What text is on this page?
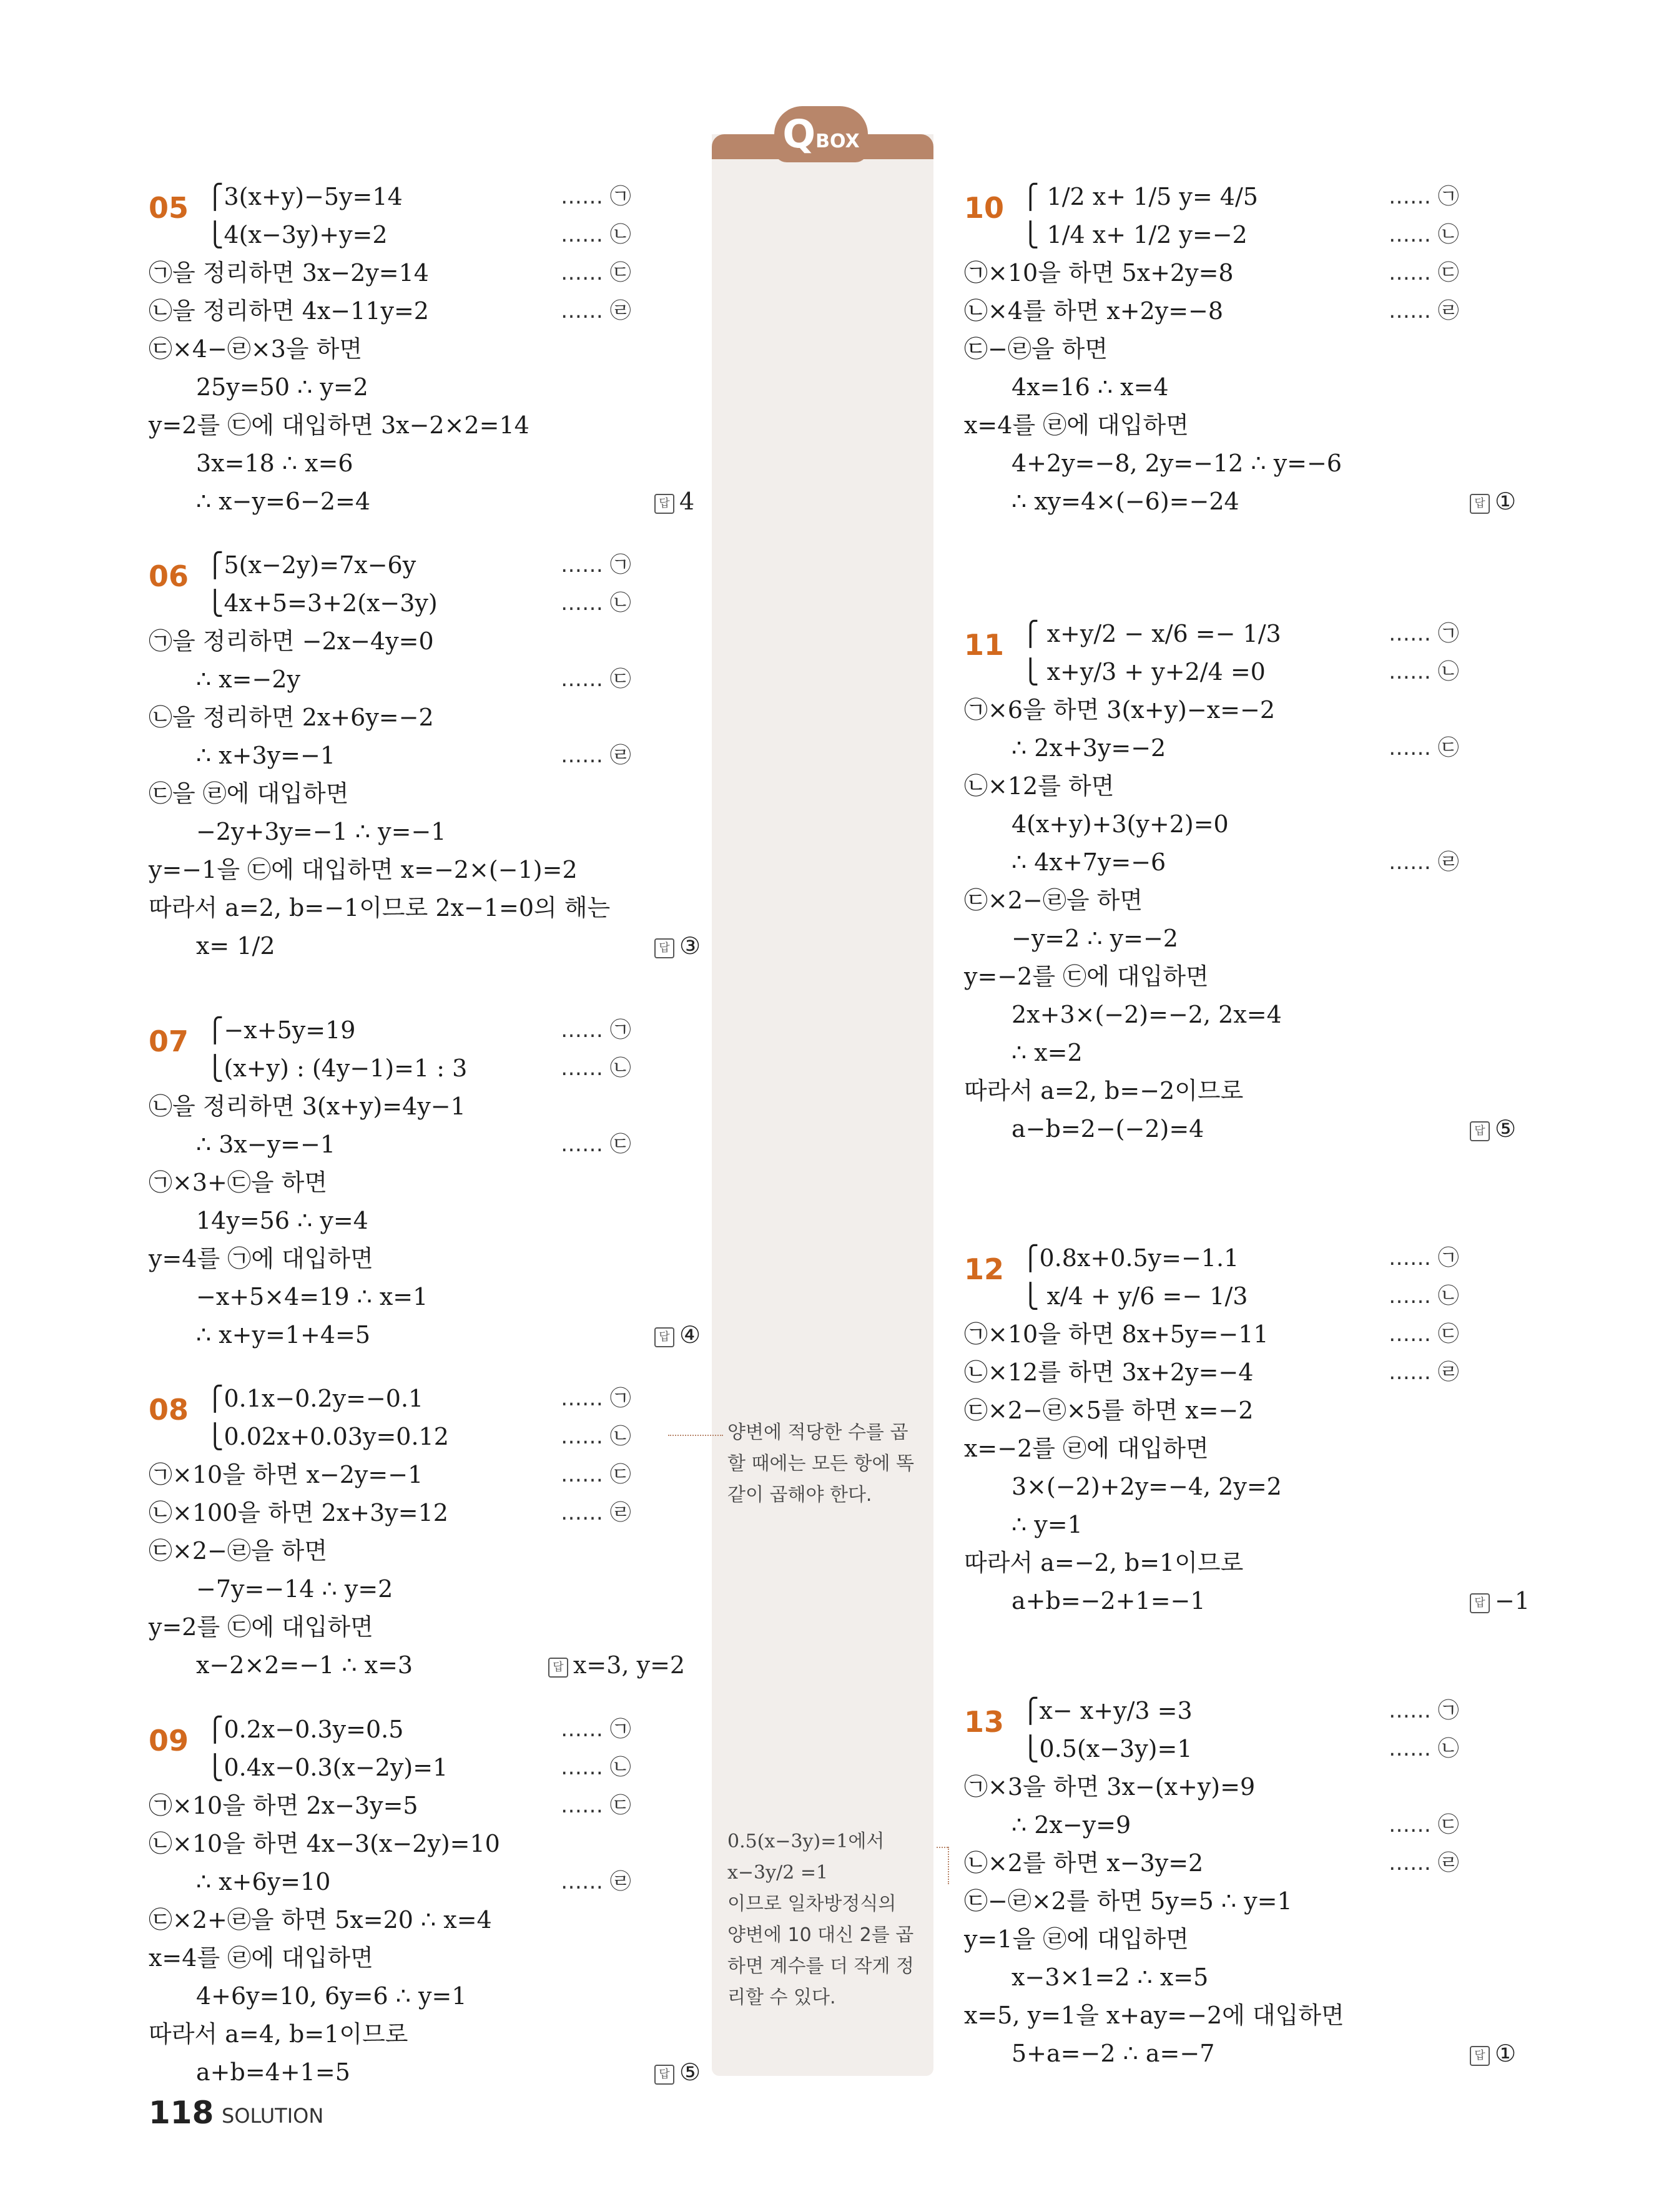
QBOX
양변에 적당한 수를 곱
할 때에는 모든 항에 똑
같이 곱해야 한다.
0.5(x−3y)=1에서
x−3y/2 =1
이므로 일차방정식의
양변에 10 대신 2를 곱
하면 계수를 더 작게 정
리할 수 있다.
05 ⎧3(x+y)−5y=14	…… ㉠
⎩4(x−3y)+y=2	…… ㉡
㉠을 정리하면 3x−2y=14	…… ㉢
㉡을 정리하면 4x−11y=2	…… ㉣
㉢×4−㉣×3을 하면
25y=50 ∴ y=2
y=2를 ㉢에 대입하면 3x−2×2=14
3x=18 ∴ x=6
∴ x−y=6−2=4	답 4
06 ⎧5(x−2y)=7x−6y	…… ㉠
⎩4x+5=3+2(x−3y)	…… ㉡
㉠을 정리하면 −2x−4y=0
∴ x=−2y	…… ㉢
㉡을 정리하면 2x+6y=−2
∴ x+3y=−1	…… ㉣
㉢을 ㉣에 대입하면
−2y+3y=−1 ∴ y=−1
y=−1을 ㉢에 대입하면 x=−2×(−1)=2
따라서 a=2, b=−1이므로 2x−1=0의 해는
x= 1/2	답 ③
07 ⎧−x+5y=19	…… ㉠
⎩(x+y) : (4y−1)=1 : 3	…… ㉡
㉡을 정리하면 3(x+y)=4y−1
∴ 3x−y=−1	…… ㉢
㉠×3+㉢을 하면
14y=56 ∴ y=4
y=4를 ㉠에 대입하면
−x+5×4=19 ∴ x=1
∴ x+y=1+4=5	답 ④
08 ⎧0.1x−0.2y=−0.1	…… ㉠
⎩0.02x+0.03y=0.12	…… ㉡
㉠×10을 하면 x−2y=−1	…… ㉢
㉡×100을 하면 2x+3y=12	…… ㉣
㉢×2−㉣을 하면
−7y=−14 ∴ y=2
y=2를 ㉢에 대입하면
x−2×2=−1 ∴ x=3	답 x=3, y=2
09 ⎧0.2x−0.3y=0.5	…… ㉠
⎩0.4x−0.3(x−2y)=1	…… ㉡
㉠×10을 하면 2x−3y=5	…… ㉢
㉡×10을 하면 4x−3(x−2y)=10
∴ x+6y=10	…… ㉣
㉢×2+㉣을 하면 5x=20 ∴ x=4
x=4를 ㉣에 대입하면
4+6y=10, 6y=6 ∴ y=1
따라서 a=4, b=1이므로
a+b=4+1=5	답 ⑤
10 ⎧ 1/2 x+ 1/5 y= 4/5	…… ㉠
⎩ 1/4 x+ 1/2 y=−2	…… ㉡
㉠×10을 하면 5x+2y=8	…… ㉢
㉡×4를 하면 x+2y=−8	…… ㉣
㉢−㉣을 하면
4x=16 ∴ x=4
x=4를 ㉣에 대입하면
4+2y=−8, 2y=−12 ∴ y=−6
∴ xy=4×(−6)=−24	답 ①
11 ⎧ x+y/2 − x/6 =− 1/3	…… ㉠
⎩ x+y/3 + y+2/4 =0	…… ㉡
㉠×6을 하면 3(x+y)−x=−2
∴ 2x+3y=−2	…… ㉢
㉡×12를 하면
4(x+y)+3(y+2)=0
∴ 4x+7y=−6	…… ㉣
㉢×2−㉣을 하면
−y=2 ∴ y=−2
y=−2를 ㉢에 대입하면
2x+3×(−2)=−2, 2x=4
∴ x=2
따라서 a=2, b=−2이므로
a−b=2−(−2)=4	답 ⑤
12 ⎧0.8x+0.5y=−1.1	…… ㉠
⎩ x/4 + y/6 =− 1/3	…… ㉡
㉠×10을 하면 8x+5y=−11	…… ㉢
㉡×12를 하면 3x+2y=−4	…… ㉣
㉢×2−㉣×5를 하면 x=−2
x=−2를 ㉣에 대입하면
3×(−2)+2y=−4, 2y=2
∴ y=1
따라서 a=−2, b=1이므로
a+b=−2+1=−1	답 −1
13 ⎧x− x+y/3 =3	…… ㉠
⎩0.5(x−3y)=1	…… ㉡
㉠×3을 하면 3x−(x+y)=9
∴ 2x−y=9	…… ㉢
㉡×2를 하면 x−3y=2	…… ㉣
㉢−㉣×2를 하면 5y=5 ∴ y=1
y=1을 ㉣에 대입하면
x−3×1=2 ∴ x=5
x=5, y=1을 x+ay=−2에 대입하면
5+a=−2 ∴ a=−7	답 ①
118 SOLUTION
